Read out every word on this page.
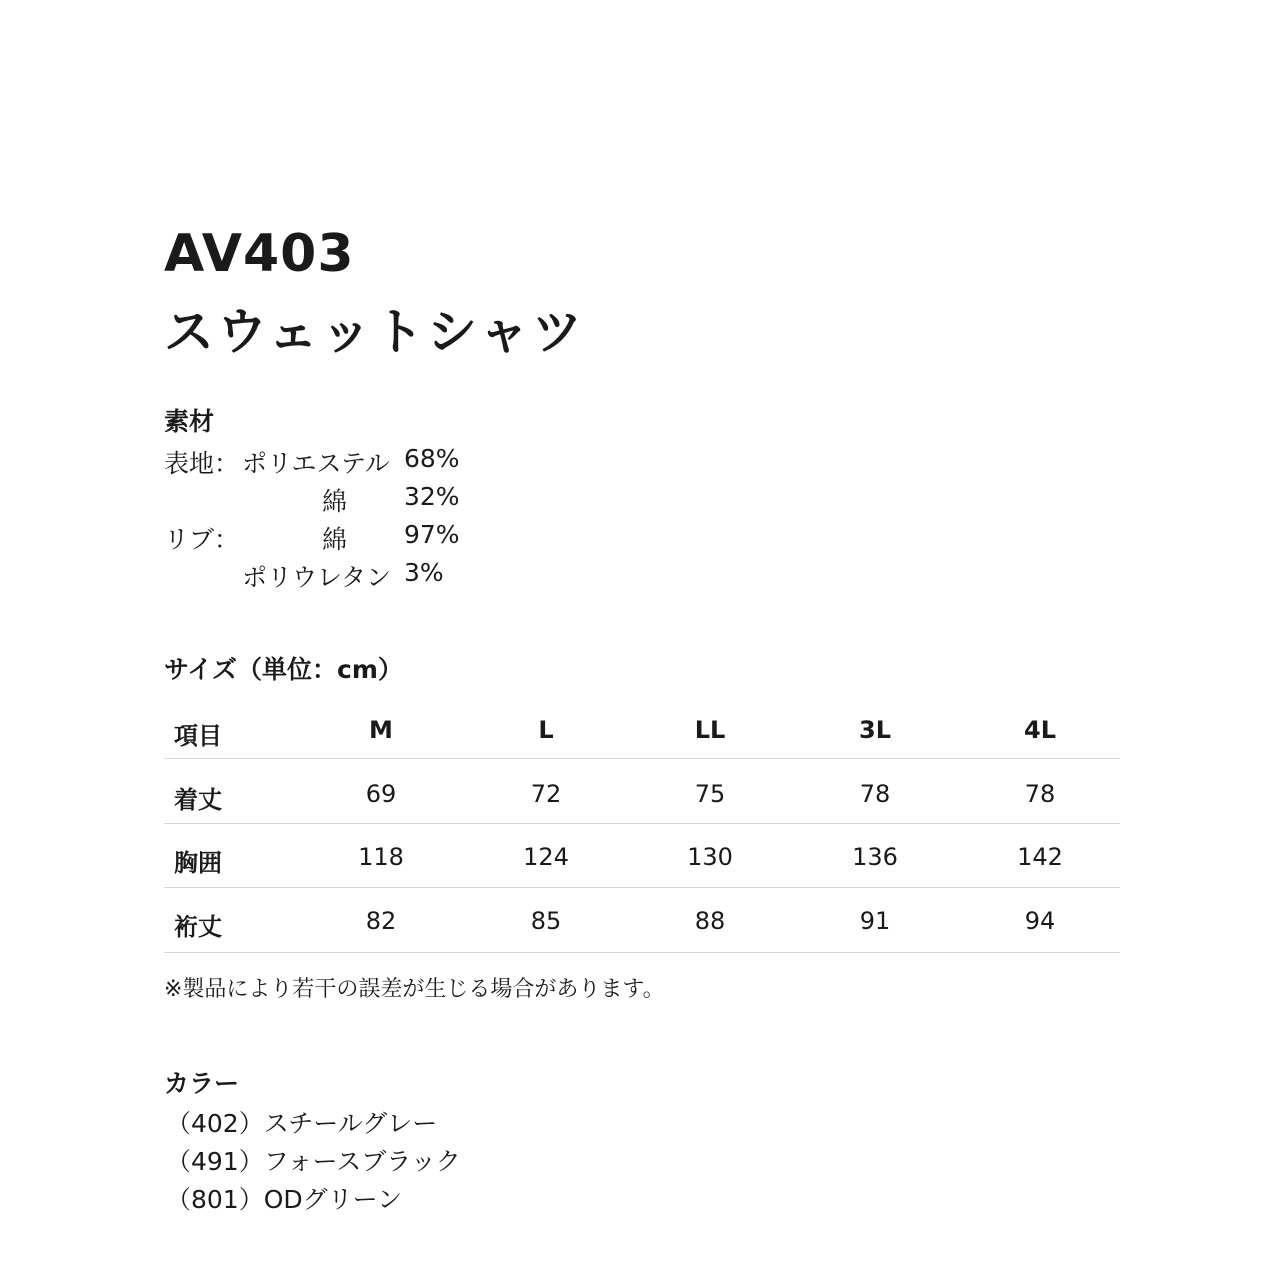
AV403
スウェットシャツ
素材
表地： ポリエステル 68%
綿 32%
リブ：	綿 97%
ポリウレタン 3%
サイズ（単位：cm）
項目	M	L	LL	3L	4L
着丈	69	72	75	78	78
胸囲	118	124	130	136	142
裄丈	82	85	88	91	94
※製品により若干の誤差が生じる場合があります。
カラー
（402）スチールグレー
（491）フォースブラック
（801）ODグリーン
